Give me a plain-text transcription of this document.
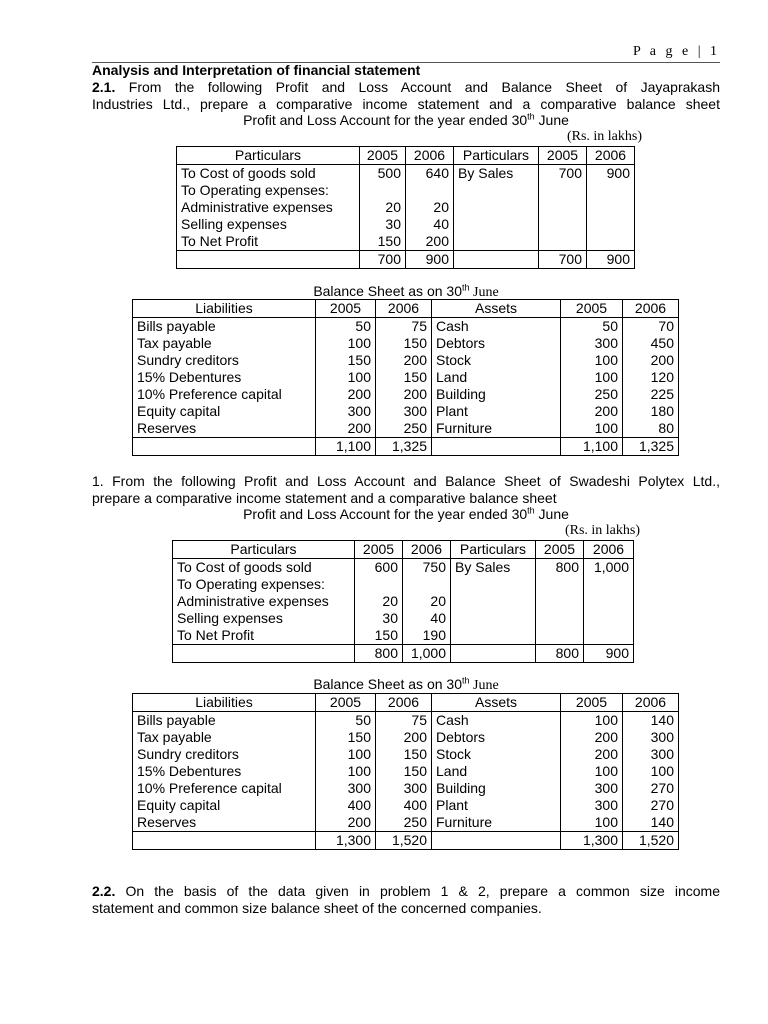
P a g e | 1
Analysis and Interpretation of financial statement
2.1. From the following Profit and Loss Account and Balance Sheet of Jayaprakash
Industries Ltd., prepare a comparative income statement and a comparative balance sheet
Profit and Loss Account for the year ended 30th June
(Rs. in lakhs)
Particulars	2005	2006	Particulars	2005	2006
To Cost of goods sold	500	640	By Sales	700	900
To Operating expenses:					
Administrative expenses	20	20			
Selling expenses	30	40			
To Net Profit	150	200			
	700	900		700	900
Balance Sheet as on 30th June
Liabilities	2005	2006	Assets	2005	2006
Bills payable	50	75	Cash	50	70
Tax payable	100	150	Debtors	300	450
Sundry creditors	150	200	Stock	100	200
15% Debentures	100	150	Land	100	120
10% Preference capital	200	200	Building	250	225
Equity capital	300	300	Plant	200	180
Reserves	200	250	Furniture	100	80
	1,100	1,325		1,100	1,325
1. From the following Profit and Loss Account and Balance Sheet of Swadeshi Polytex Ltd.,
prepare a comparative income statement and a comparative balance sheet
Profit and Loss Account for the year ended 30th June
(Rs. in lakhs)
Particulars	2005	2006	Particulars	2005	2006
To Cost of goods sold	600	750	By Sales	800	1,000
To Operating expenses:					
Administrative expenses	20	20			
Selling expenses	30	40			
To Net Profit	150	190			
	800	1,000		800	900
Balance Sheet as on 30th June
Liabilities	2005	2006	Assets	2005	2006
Bills payable	50	75	Cash	100	140
Tax payable	150	200	Debtors	200	300
Sundry creditors	100	150	Stock	200	300
15% Debentures	100	150	Land	100	100
10% Preference capital	300	300	Building	300	270
Equity capital	400	400	Plant	300	270
Reserves	200	250	Furniture	100	140
	1,300	1,520		1,300	1,520
2.2. On the basis of the data given in problem 1 & 2, prepare a common size income
statement and common size balance sheet of the concerned companies.
